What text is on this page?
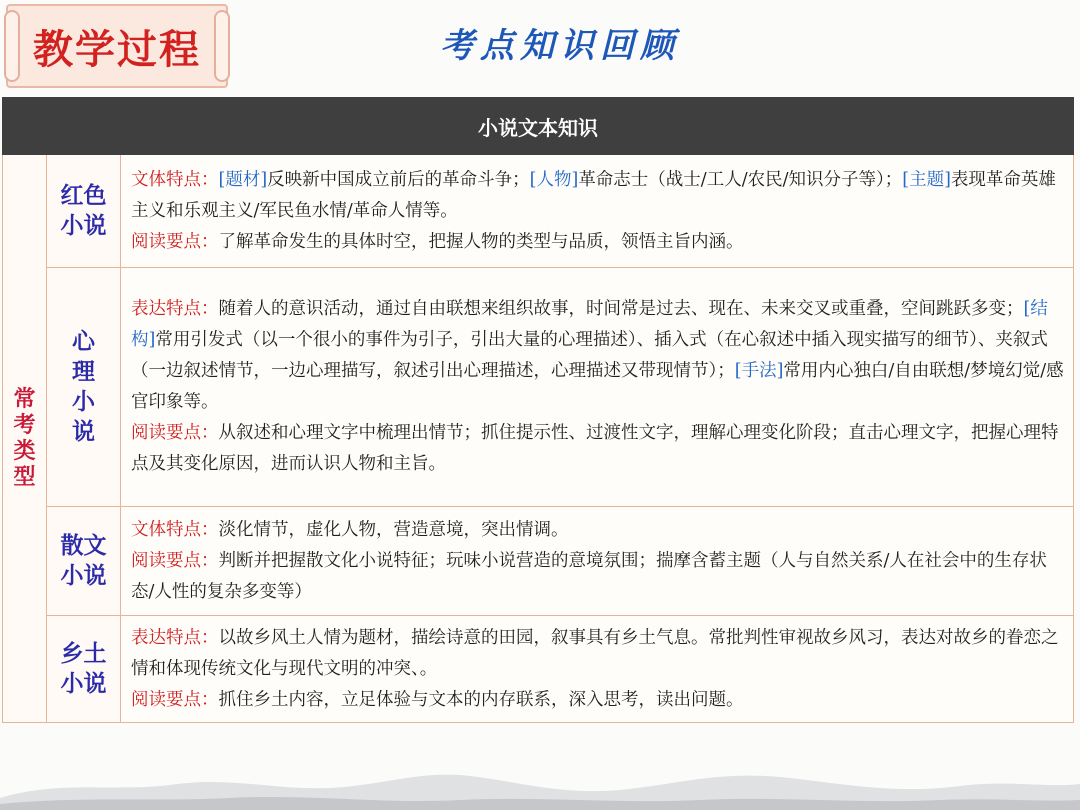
教学过程	考点知识回顾
小说文本知识		

常考类型	红色小说	文体特点：[题材]反映新中国成立前后的革命斗争；[人物]革命志士（战士/工人/农民/知识分子等）；[主题]表现革命英雄主义和乐观主义/军民鱼水情/革命人情等。
阅读要点：了解革命发生的具体时空，把握人物的类型与品质，领悟主旨内涵。

	心理小说	表达特点：随着人的意识活动，通过自由联想来组织故事，时间常是过去、现在、未来交叉或重叠，空间跳跃多变；[结构]常用引发式（以一个很小的事件为引子，引出大量的心理描述）、插入式（在心叙述中插入现实描写的细节）、夹叙式（一边叙述情节，一边心理描写，叙述引出心理描述，心理描述又带现情节）；[手法]常用内心独白/自由联想/梦境幻觉/感官印象等。
阅读要点：从叙述和心理文字中梳理出情节；抓住提示性、过渡性文字，理解心理变化阶段；直击心理文字，把握心理特点及其变化原因，进而认识人物和主旨。

	散文小说	文体特点：淡化情节，虚化人物，营造意境，突出情调。
阅读要点：判断并把握散文化小说特征；玩味小说营造的意境氛围；揣摩含蓄主题（人与自然关系/人在社会中的生存状态/人性的复杂多变等）

	乡土小说	表达特点：以故乡风土人情为题材，描绘诗意的田园，叙事具有乡土气息。常批判性审视故乡风习，表达对故乡的眷恋之情和体现传统文化与现代文明的冲突、。
阅读要点：抓住乡土内容，立足体验与文本的内存联系，深入思考，读出问题。
